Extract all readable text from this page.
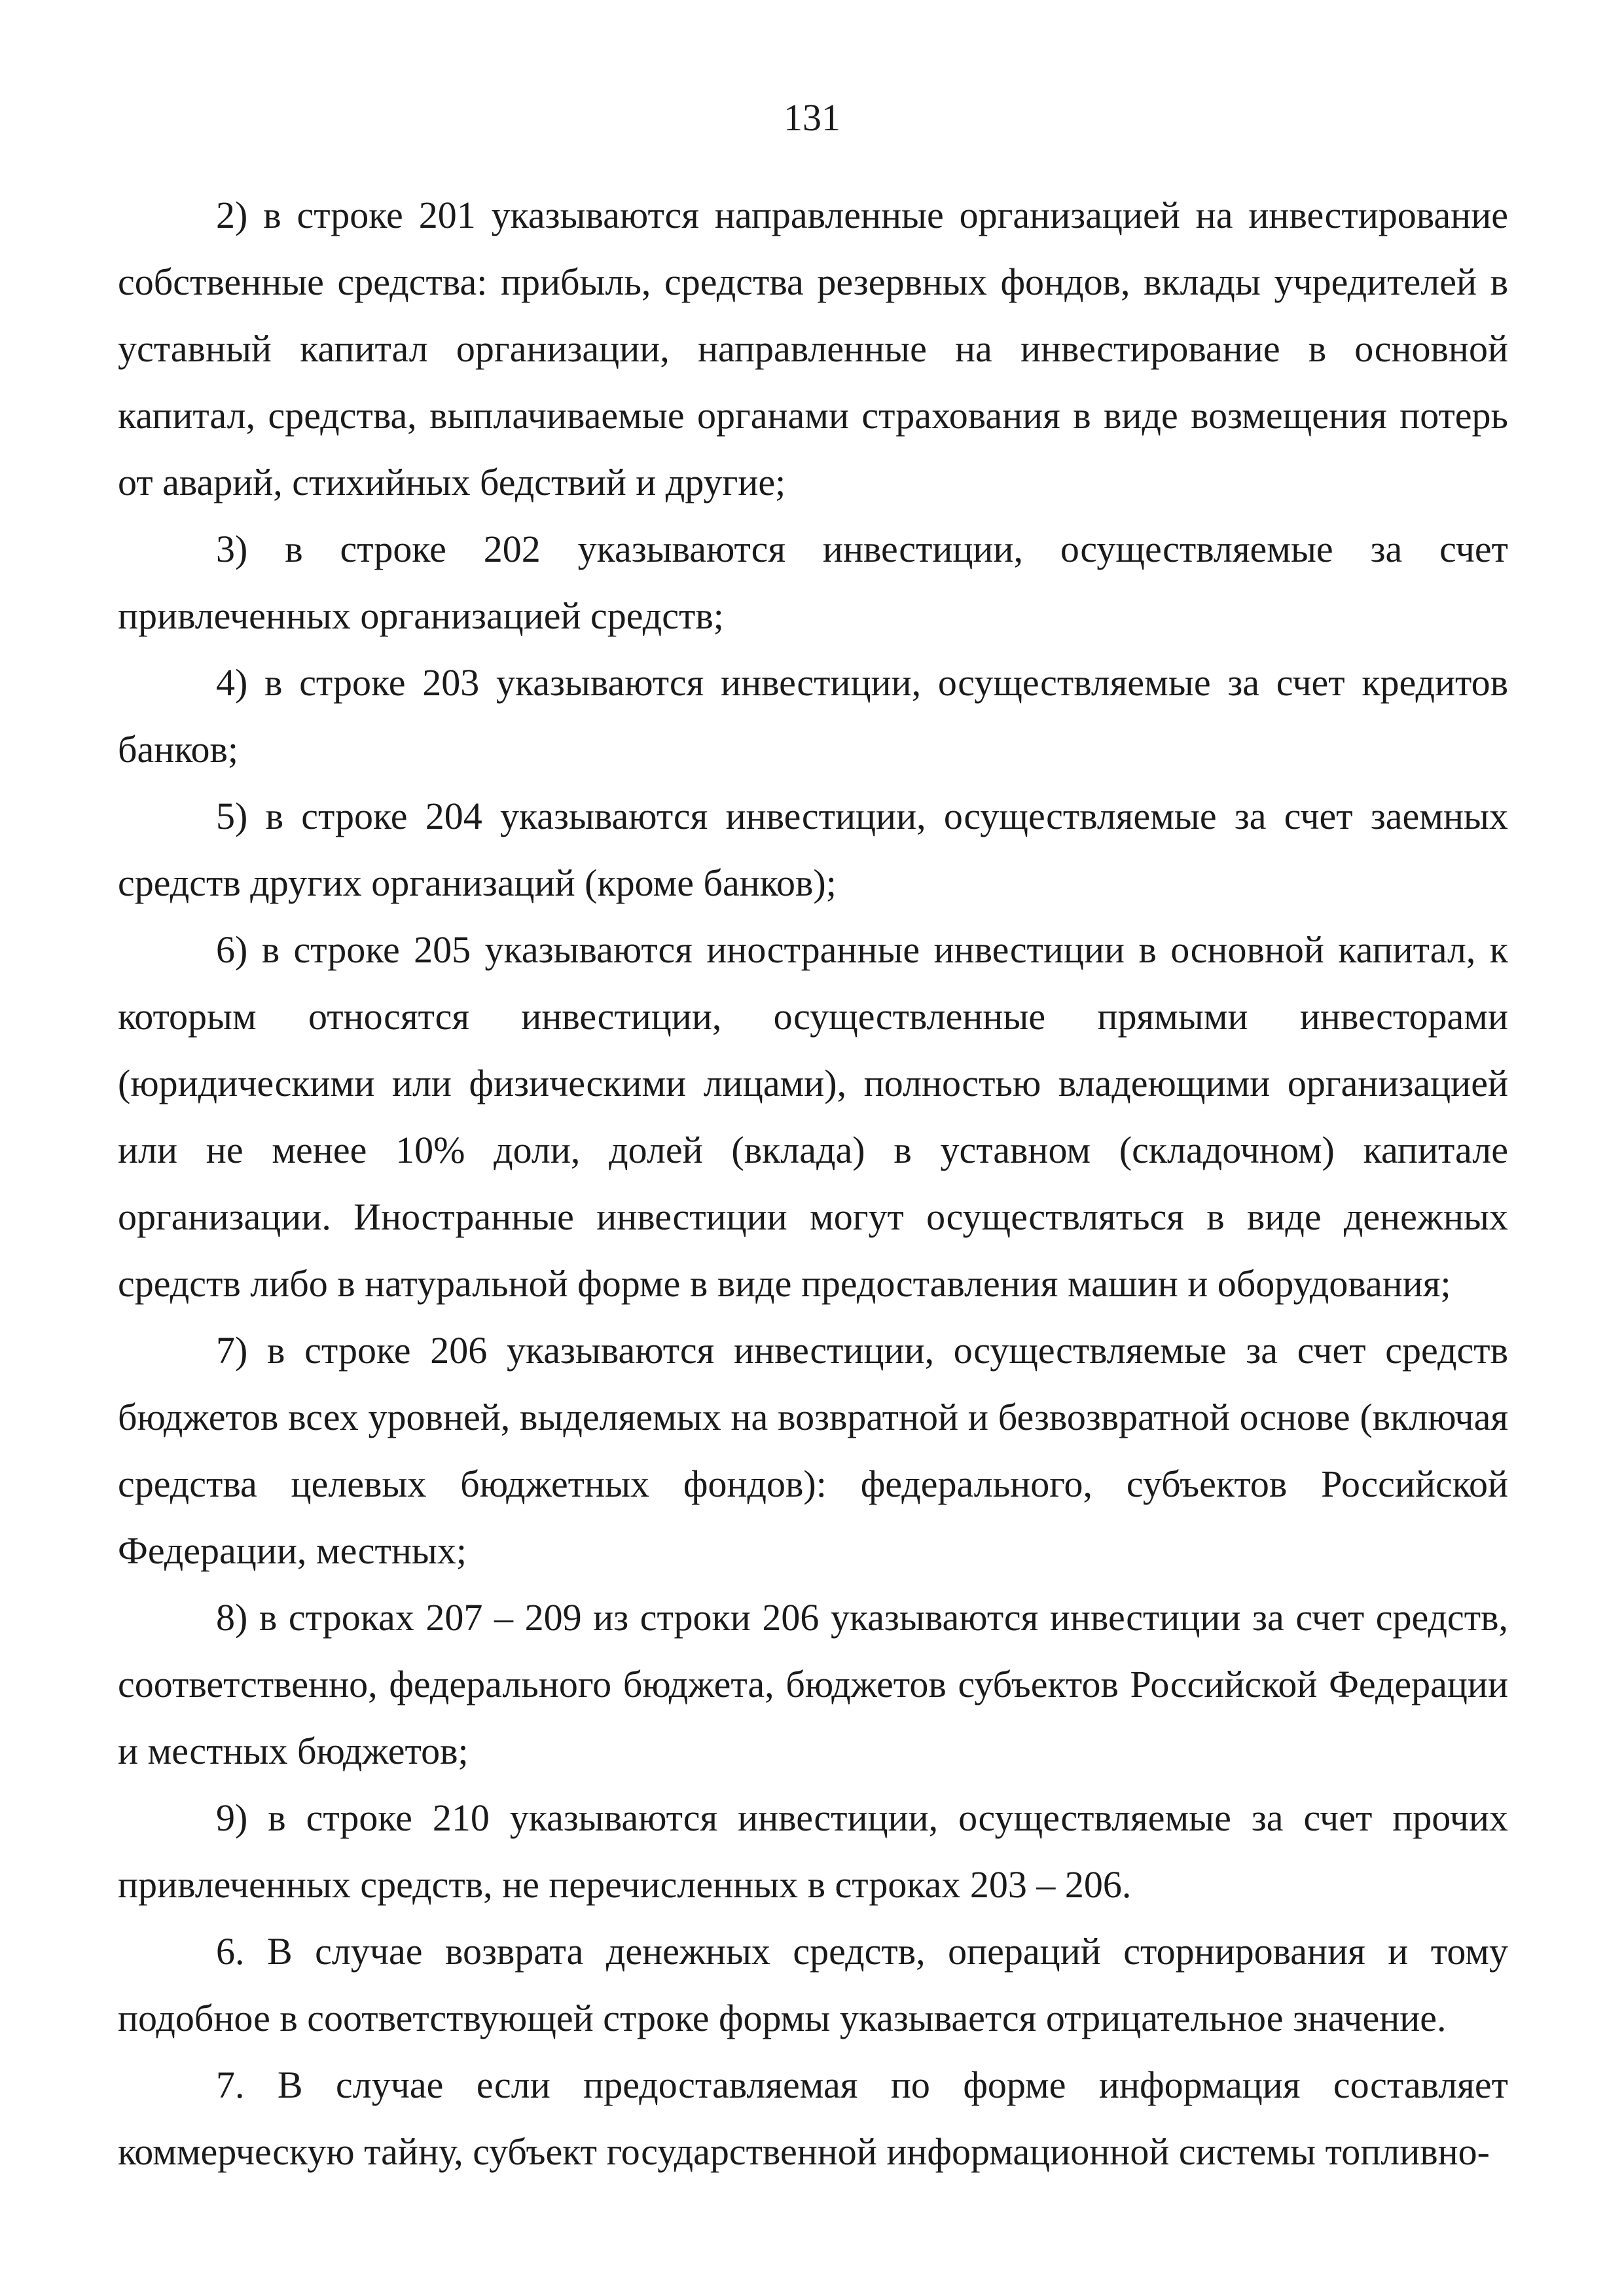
131

2) в строке 201 указываются направленные организацией на инвестирование собственные средства: прибыль, средства резервных фондов, вклады учредителей в уставный капитал организации, направленные на инвестирование в основной капитал, средства, выплачиваемые органами страхования в виде возмещения потерь от аварий, стихийных бедствий и другие;

3) в строке 202 указываются инвестиции, осуществляемые за счет привлеченных организацией средств;

4) в строке 203 указываются инвестиции, осуществляемые за счет кредитов банков;

5) в строке 204 указываются инвестиции, осуществляемые за счет заемных средств других организаций (кроме банков);

6) в строке 205 указываются иностранные инвестиции в основной капитал, к которым относятся инвестиции, осуществленные прямыми инвесторами (юридическими или физическими лицами), полностью владеющими организацией или не менее 10% доли, долей (вклада) в уставном (складочном) капитале организации. Иностранные инвестиции могут осуществляться в виде денежных средств либо в натуральной форме в виде предоставления машин и оборудования;

7) в строке 206 указываются инвестиции, осуществляемые за счет средств бюджетов всех уровней, выделяемых на возвратной и безвозвратной основе (включая средства целевых бюджетных фондов): федерального, субъектов Российской Федерации, местных;

8) в строках 207 – 209 из строки 206 указываются инвестиции за счет средств, соответственно, федерального бюджета, бюджетов субъектов Российской Федерации и местных бюджетов;

9) в строке 210 указываются инвестиции, осуществляемые за счет прочих привлеченных средств, не перечисленных в строках 203 – 206.

6. В случае возврата денежных средств, операций сторнирования и тому подобное в соответствующей строке формы указывается отрицательное значение.

7. В случае если предоставляемая по форме информация составляет коммерческую тайну, субъект государственной информационной системы топливно-
